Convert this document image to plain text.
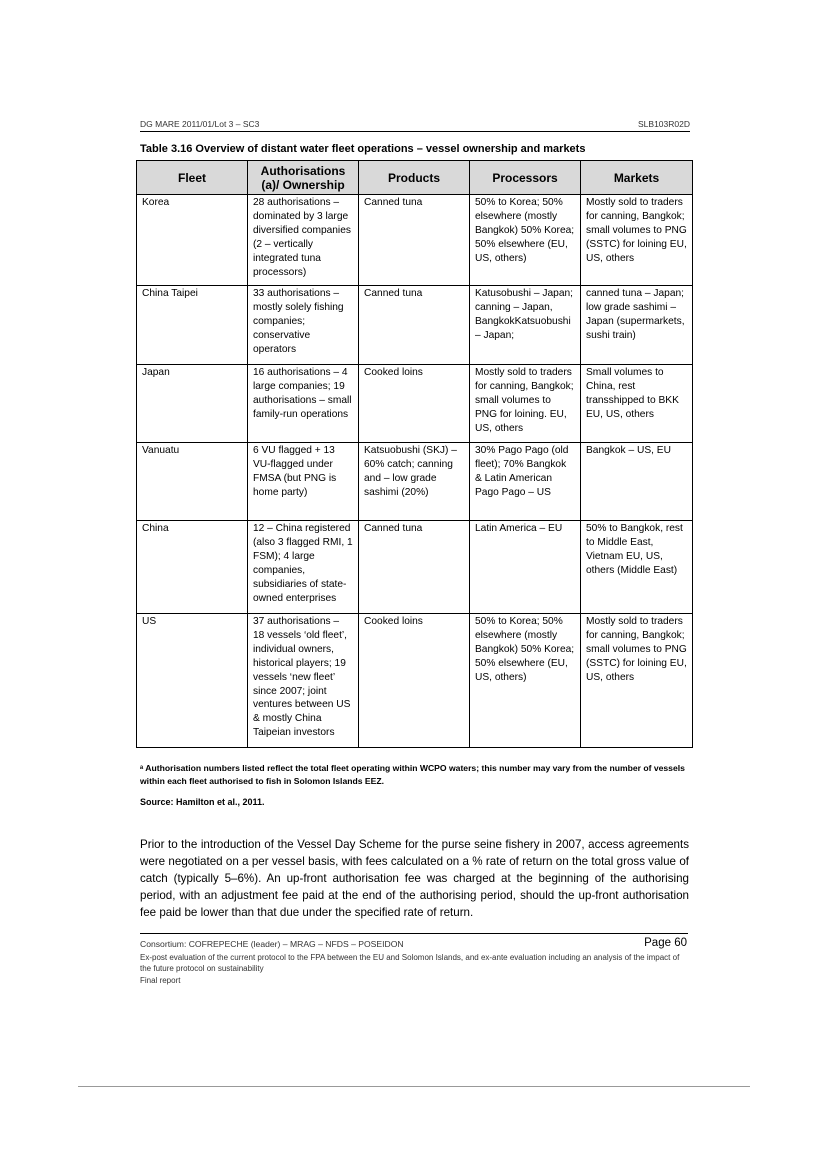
DG MARE 2011/01/Lot 3 – SC3	SLB103R02D
Table 3.16 Overview of distant water fleet operations – vessel ownership and markets
Fleet	Authorisations (a)/ Ownership	Products	Processors	Markets
Korea	28 authorisations – dominated by 3 large diversified companies (2 – vertically integrated tuna processors)	Canned tuna	50% to Korea; 50% elsewhere (mostly Bangkok) 50% Korea; 50% elsewhere (EU, US, others)	Mostly sold to traders for canning, Bangkok; small volumes to PNG (SSTC) for loining EU, US, others
China Taipei	33 authorisations – mostly solely fishing companies; conservative operators	Canned tuna	Katusobushi – Japan; canning – Japan, BangkokKatsuobushi – Japan;	canned tuna – Japan; low grade sashimi – Japan (supermarkets, sushi train)
Japan	16 authorisations – 4 large companies; 19 authorisations – small family-run operations	Cooked loins	Mostly sold to traders for canning, Bangkok; small volumes to PNG for loining. EU, US, others	Small volumes to China, rest transshipped to BKK EU, US, others
Vanuatu	6 VU flagged + 13 VU-flagged under FMSA (but PNG is home party)	Katsuobushi (SKJ) – 60% catch; canning and – low grade sashimi (20%)	30% Pago Pago (old fleet); 70% Bangkok & Latin American Pago Pago – US	Bangkok – US, EU
China	12 – China registered (also 3 flagged RMI, 1 FSM); 4 large companies, subsidiaries of state-owned enterprises	Canned tuna	Latin America – EU	50% to Bangkok, rest to Middle East, Vietnam EU, US, others (Middle East)
US	37 authorisations – 18 vessels ‘old fleet’, individual owners, historical players; 19 vessels ‘new fleet’ since 2007; joint ventures between US & mostly China Taipeian investors	Cooked loins	50% to Korea; 50% elsewhere (mostly Bangkok) 50% Korea; 50% elsewhere (EU, US, others)	Mostly sold to traders for canning, Bangkok; small volumes to PNG (SSTC) for loining EU, US, others
ᵃ Authorisation numbers listed reflect the total fleet operating within WCPO waters; this number may vary from the number of vessels within each fleet authorised to fish in Solomon Islands EEZ.
Source: Hamilton et al., 2011.
Prior to the introduction of the Vessel Day Scheme for the purse seine fishery in 2007, access agreements were negotiated on a per vessel basis, with fees calculated on a % rate of return on the total gross value of catch (typically 5–6%). An up-front authorisation fee was charged at the beginning of the authorising period, with an adjustment fee paid at the end of the authorising period, should the up-front authorisation fee paid be lower than that due under the specified rate of return.
Consortium: COFREPECHE (leader) – MRAG – NFDS – POSEIDON	Page 60
Ex-post evaluation of the current protocol to the FPA between the EU and Solomon Islands, and ex-ante evaluation including an analysis of the impact of the future protocol on sustainability
Final report
